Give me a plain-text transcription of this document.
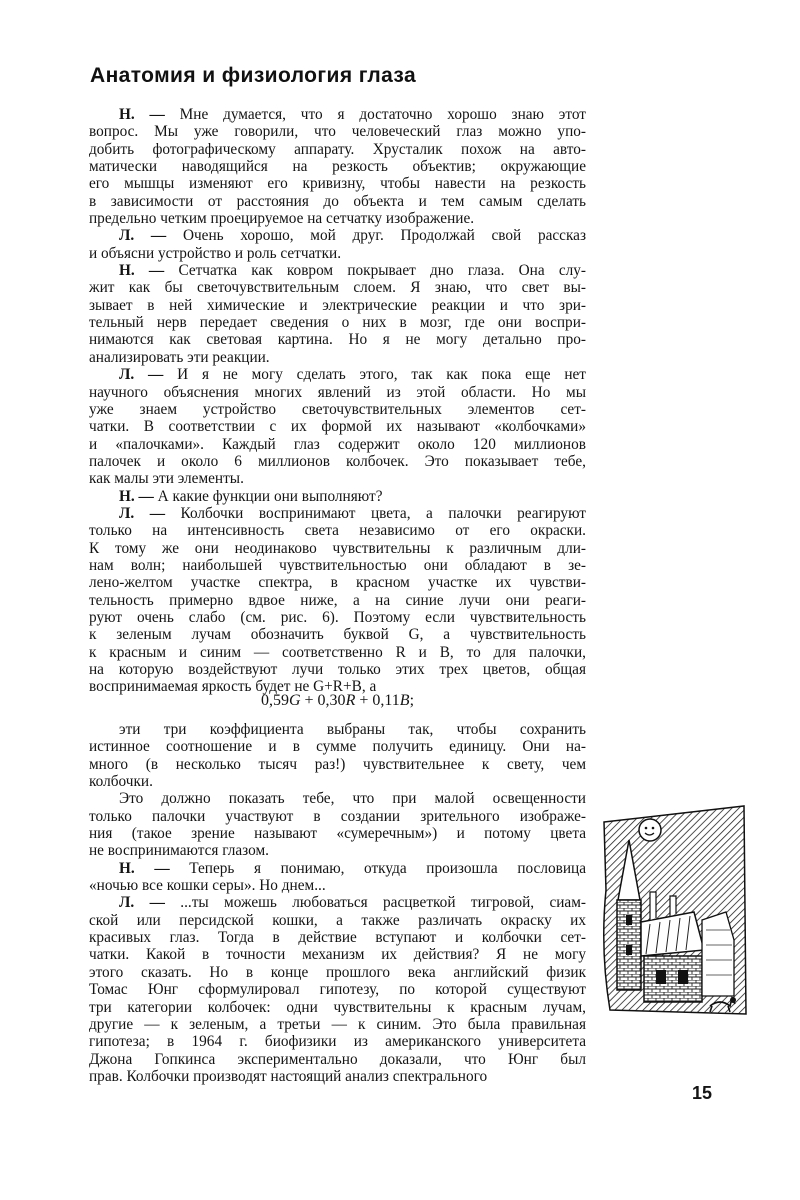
Анатомия и физиология глаза
Н. — Мне думается, что я достаточно хорошо знаю этот
вопрос. Мы уже говорили, что человеческий глаз можно упо-
добить фотографическому аппарату. Хрусталик похож на авто-
матически наводящийся на резкость объектив; окружающие
его мышцы изменяют его кривизну, чтобы навести на резкость
в зависимости от расстояния до объекта и тем самым сделать
предельно четким проецируемое на сетчатку изображение.
Л. — Очень хорошо, мой друг. Продолжай свой рассказ
и объясни устройство и роль сетчатки.
Н. — Сетчатка как ковром покрывает дно глаза. Она слу-
жит как бы светочувствительным слоем. Я знаю, что свет вы-
зывает в ней химические и электрические реакции и что зри-
тельный нерв передает сведения о них в мозг, где они воспри-
нимаются как световая картина. Но я не могу детально про-
анализировать эти реакции.
Л. — И я не могу сделать этого, так как пока еще нет
научного объяснения многих явлений из этой области. Но мы
уже знаем устройство светочувствительных элементов сет-
чатки. В соответствии с их формой их называют «колбочками»
и «палочками». Каждый глаз содержит около 120 миллионов
палочек и около 6 миллионов колбочек. Это показывает тебе,
как малы эти элементы.
Н. — А какие функции они выполняют?
Л. — Колбочки воспринимают цвета, а палочки реагируют
только на интенсивность света независимо от его окраски.
К тому же они неодинаково чувствительны к различным дли-
нам волн; наибольшей чувствительностью они обладают в зе-
лено-желтом участке спектра, в красном участке их чувстви-
тельность примерно вдвое ниже, а на синие лучи они реаги-
руют очень слабо (см. рис. 6). Поэтому если чувствительность
к зеленым лучам обозначить буквой G, а чувствительность
к красным и синим — соответственно R и B, то для палочки,
на которую воздействуют лучи только этих трех цветов, общая
воспринимаемая яркость будет не G+R+B, а
0,59G + 0,30R + 0,11B;
эти три коэффициента выбраны так, чтобы сохранить
истинное соотношение и в сумме получить единицу. Они на-
много (в несколько тысяч раз!) чувствительнее к свету, чем
колбочки.
Это должно показать тебе, что при малой освещенности
только палочки участвуют в создании зрительного изображе-
ния (такое зрение называют «сумеречным») и потому цвета
не воспринимаются глазом.
Н. — Теперь я понимаю, откуда произошла пословица
«ночью все кошки серы». Но днем...
Л. — ...ты можешь любоваться расцветкой тигровой, сиам-
ской или персидской кошки, а также различать окраску их
красивых глаз. Тогда в действие вступают и колбочки сет-
чатки. Какой в точности механизм их действия? Я не могу
этого сказать. Но в конце прошлого века английский физик
Томас Юнг сформулировал гипотезу, по которой существуют
три категории колбочек: одни чувствительны к красным лучам,
другие — к зеленым, а третьи — к синим. Это была правильная
гипотеза; в 1964 г. биофизики из американского университета
Джона Гопкинса экспериментально доказали, что Юнг был
прав. Колбочки производят настоящий анализ спектрального
15
